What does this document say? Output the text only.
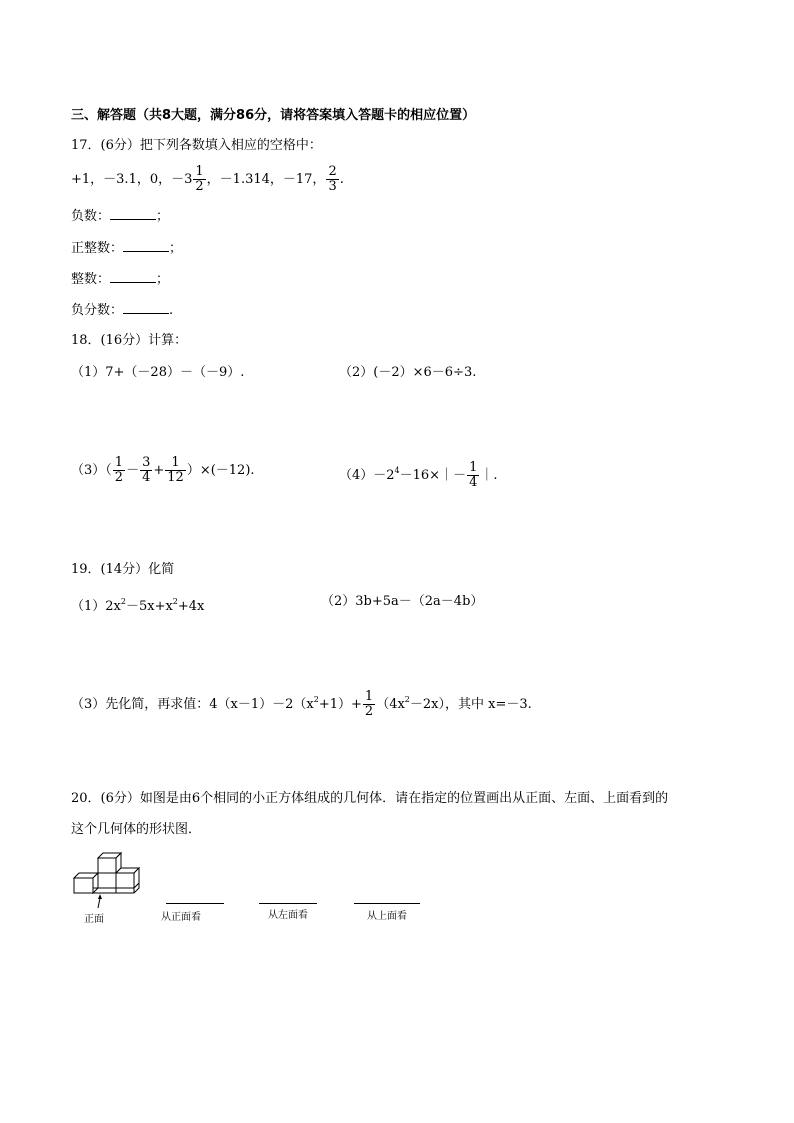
三、解答题（共8大题，满分86分，请将答案填入答题卡的相应位置）
17．(6分）把下列各数填入相应的空格中：
+1，－3.1，0，$-3 \frac{1}{2}$ ，－1.314，－17， $\frac{2}{3}$ .
负数：	；
正整数：	；
整数：	；
负分数：	.
18．(16分）计算：
（1）7+（－28）－（－9）.	（2）(－2）×6－6÷3.
$(3)( \frac{1}{2} - \frac{3}{4} + \frac{1}{12} )\times(-12)$.	$(4)-2^4-16\times|- \frac{1}{4}$ ｜.
19．(14分）化简
$(1)2x^2-5x+x^2+4x$	（2）3b+5a－（2a－4b）
（3）先化简，再求值：$4(x-1)-2(x^2+1)+ \frac{1}{2} (4x^2-2x)$，其中 x=－3.
20．(6分）如图是由6个相同的小正方体组成的几何体．请在指定的位置画出从正面、左面、上面看到的
这个几何体的形状图．
正面	从正面看	从左面看	从上面看
